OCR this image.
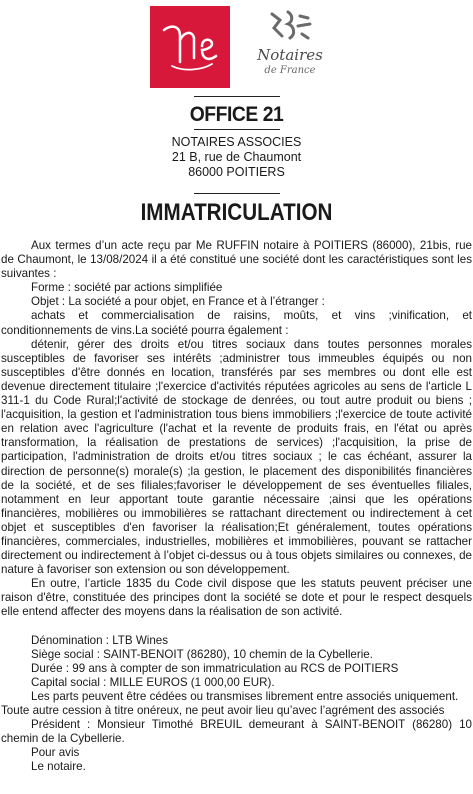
Notaires
de France
OFFICE 21
NOTAIRES ASSOCIES
21 B, rue de Chaumont
86000 POITIERS
IMMATRICULATION

Aux termes d’un acte reçu par Me RUFFIN notaire à POITIERS (86000), 21bis, rue de Chaumont, le 13/08/2024 il a été constitué une société dont les caractéristiques sont les suivantes :

Forme : société par actions simplifiée

Objet : La société a pour objet, en France et à l’étranger :

achats et commercialisation de raisins, moûts, et vins ;vinification, et conditionnements de vins.La société pourra également :

détenir, gérer des droits et/ou titres sociaux dans toutes personnes morales susceptibles de favoriser ses intérêts ;administrer tous immeubles équipés ou non susceptibles d'être donnés en location, transférés par ses membres ou dont elle est devenue directement titulaire ;l'exercice d'activités réputées agricoles au sens de l'article L 311-1 du Code Rural;l'activité de stockage de denrées, ou tout autre produit ou biens ; l'acquisition, la gestion et l'administration tous biens immobiliers ;l'exercice de toute activité en relation avec l'agriculture (l'achat et la revente de produits frais, en l'état ou après transformation, la réalisation de prestations de services) ;l'acquisition, la prise de participation, l'administration de droits et/ou titres sociaux ; le cas échéant, assurer la direction de personne(s) morale(s) ;la gestion, le placement des disponibilités financières de la société, et de ses filiales;favoriser le développement de ses éventuelles filiales, notamment en leur apportant toute garantie nécessaire ;ainsi que les opérations financières, mobilières ou immobilières se rattachant directement ou indirectement à cet objet et susceptibles d'en favoriser la réalisation;Et généralement, toutes opérations financières, commerciales, industrielles, mobilières et immobilières, pouvant se rattacher directement ou indirectement à l’objet ci-dessus ou à tous objets similaires ou connexes, de nature à favoriser son extension ou son développement.

En outre, l’article 1835 du Code civil dispose que les statuts peuvent préciser une raison d'être, constituée des principes dont la société se dote et pour le respect desquels elle entend affecter des moyens dans la réalisation de son activité.

Dénomination : LTB Wines

Siège social : SAINT-BENOIT (86280), 10 chemin de la Cybellerie.

Durée : 99 ans à compter de son immatriculation au RCS de POITIERS

Capital social : MILLE EUROS (1 000,00 EUR).

Les parts peuvent être cédées ou transmises librement entre associés uniquement.

Toute autre cession à titre onéreux, ne peut avoir lieu qu’avec l’agrément des associés

Président : Monsieur Timothé BREUIL demeurant à SAINT-BENOIT (86280) 10 chemin de la Cybellerie.

Pour avis

Le notaire.
